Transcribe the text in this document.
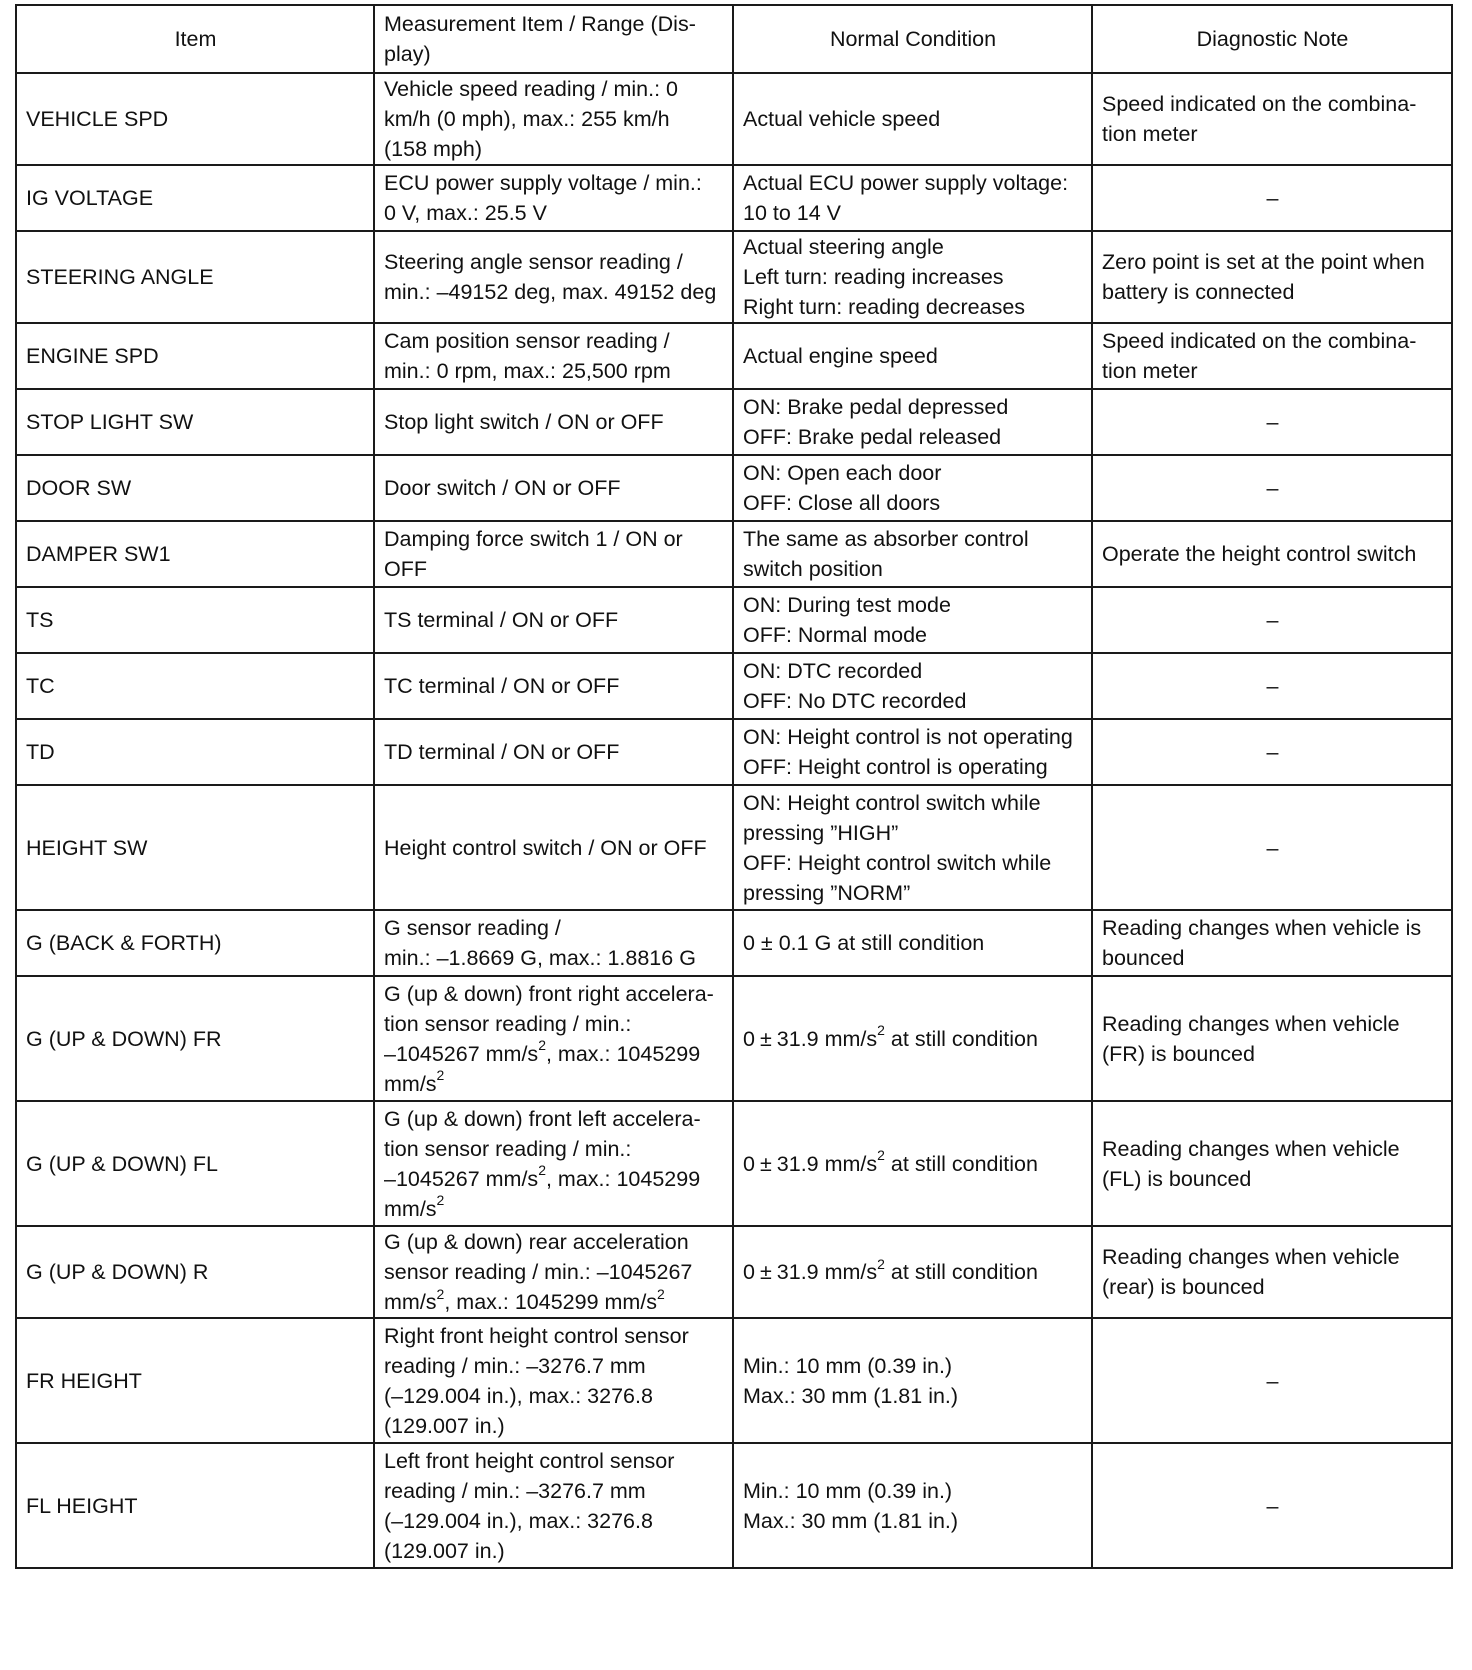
Item	Measurement Item / Range (Dis-
play)	Normal Condition	Diagnostic Note
VEHICLE SPD	Vehicle speed reading / min.: 0
km/h (0 mph), max.: 255 km/h
(158 mph)	Actual vehicle speed	Speed indicated on the combina-
tion meter
IG VOLTAGE	ECU power supply voltage / min.:
0 V, max.: 25.5 V	Actual ECU power supply voltage:
10 to 14 V	–
STEERING ANGLE	Steering angle sensor reading /
min.: –49152 deg, max. 49152 deg	Actual steering angle
Left turn: reading increases
Right turn: reading decreases	Zero point is set at the point when
battery is connected
ENGINE SPD	Cam position sensor reading /
min.: 0 rpm, max.: 25,500 rpm	Actual engine speed	Speed indicated on the combina-
tion meter
STOP LIGHT SW	Stop light switch / ON or OFF	ON: Brake pedal depressed
OFF: Brake pedal released	–
DOOR SW	Door switch / ON or OFF	ON: Open each door
OFF: Close all doors	–
DAMPER SW1	Damping force switch 1 / ON or
OFF	The same as absorber control
switch position	Operate the height control switch
TS	TS terminal / ON or OFF	ON: During test mode
OFF: Normal mode	–
TC	TC terminal / ON or OFF	ON: DTC recorded
OFF: No DTC recorded	–
TD	TD terminal / ON or OFF	ON: Height control is not operating
OFF: Height control is operating	–
HEIGHT SW	Height control switch / ON or OFF	ON: Height control switch while
pressing ”HIGH”
OFF: Height control switch while
pressing ”NORM”	–
G (BACK & FORTH)	G sensor reading /
min.: –1.8669 G, max.: 1.8816 G	0 ± 0.1 G at still condition	Reading changes when vehicle is
bounced
G (UP & DOWN) FR	G (up & down) front right accelera-
tion sensor reading / min.:
–1045267 $mm/s^2$, max.: 1045299
$mm/s^2$	0 ± 31.9 $mm/s^2$ at still condition	Reading changes when vehicle
(FR) is bounced
G (UP & DOWN) FL	G (up & down) front left accelera-
tion sensor reading / min.:
–1045267 $mm/s^2$, max.: 1045299
$mm/s^2$	0 ± 31.9 $mm/s^2$ at still condition	Reading changes when vehicle
(FL) is bounced
G (UP & DOWN) R	G (up & down) rear acceleration
sensor reading / min.: –1045267
$mm/s^2$, max.: 1045299 $mm/s^2$	0 ± 31.9 $mm/s^2$ at still condition	Reading changes when vehicle
(rear) is bounced
FR HEIGHT	Right front height control sensor
reading / min.: –3276.7 mm
(–129.004 in.), max.: 3276.8
(129.007 in.)	Min.: 10 mm (0.39 in.)
Max.: 30 mm (1.81 in.)	–
FL HEIGHT	Left front height control sensor
reading / min.: –3276.7 mm
(–129.004 in.), max.: 3276.8
(129.007 in.)	Min.: 10 mm (0.39 in.)
Max.: 30 mm (1.81 in.)	–
